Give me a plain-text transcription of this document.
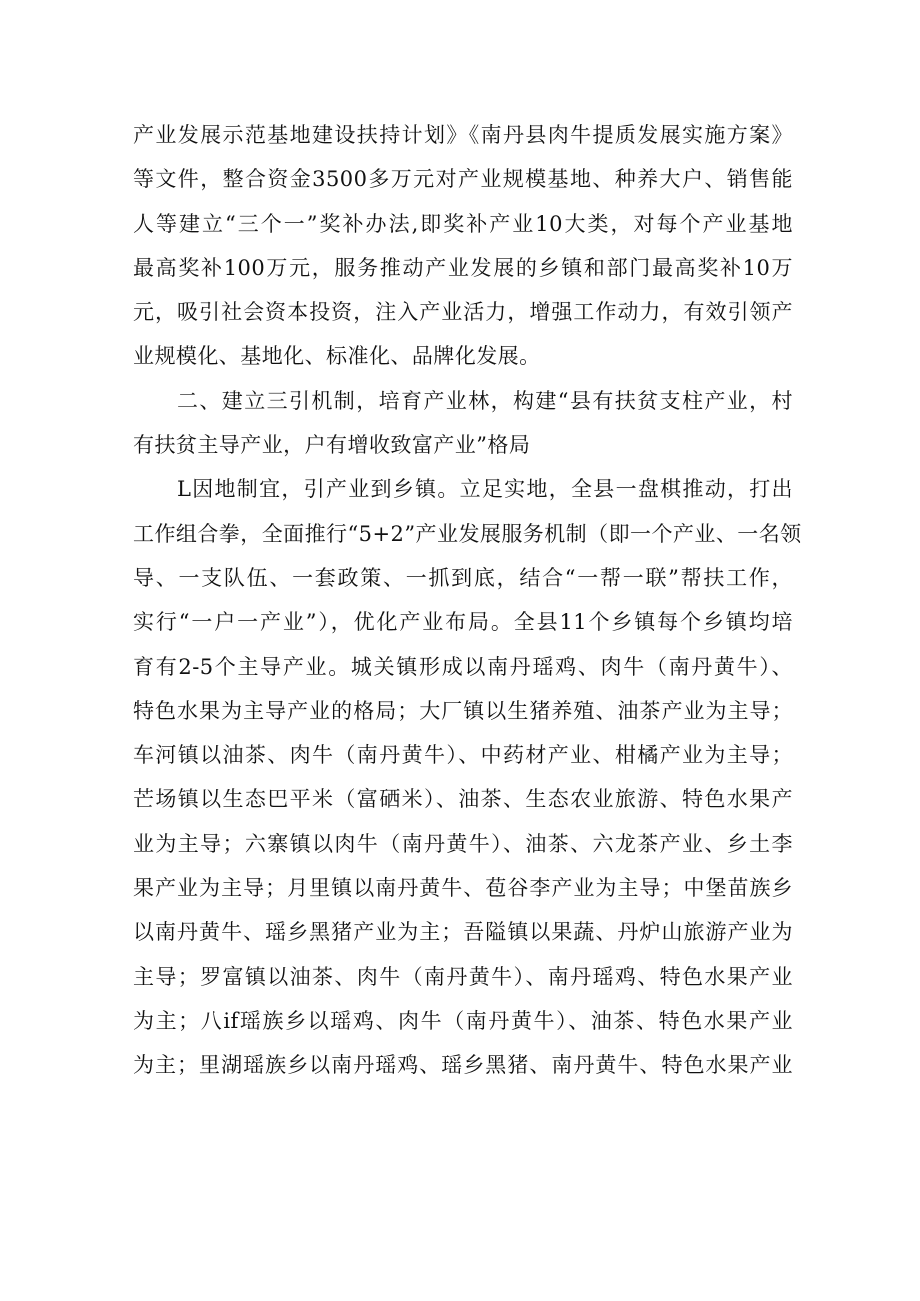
产业发展示范基地建设扶持计划》《南丹县肉牛提质发展实施方案》
等文件，整合资金3500多万元对产业规模基地、种养大户、销售能
人等建立“三个一”奖补办法,即奖补产业10大类，对每个产业基地
最高奖补100万元，服务推动产业发展的乡镇和部门最高奖补10万
元，吸引社会资本投资，注入产业活力，增强工作动力，有效引领产
业规模化、基地化、标准化、品牌化发展。
二、建立三引机制，培育产业林，构建“县有扶贫支柱产业，村
有扶贫主导产业，户有增收致富产业”格局
L因地制宜，引产业到乡镇。立足实地，全县一盘棋推动，打出
工作组合拳，全面推行“5+2”产业发展服务机制（即一个产业、一名领
导、一支队伍、一套政策、一抓到底，结合“一帮一联”帮扶工作，
实行“一户一产业”），优化产业布局。全县11个乡镇每个乡镇均培
育有2-5个主导产业。城关镇形成以南丹瑶鸡、肉牛（南丹黄牛）、
特色水果为主导产业的格局；大厂镇以生猪养殖、油茶产业为主导；
车河镇以油茶、肉牛（南丹黄牛）、中药材产业、柑橘产业为主导；
芒场镇以生态巴平米（富硒米）、油茶、生态农业旅游、特色水果产
业为主导；六寨镇以肉牛（南丹黄牛）、油茶、六龙茶产业、乡土李
果产业为主导；月里镇以南丹黄牛、苞谷李产业为主导；中堡苗族乡
以南丹黄牛、瑶乡黑猪产业为主；吾隘镇以果蔬、丹炉山旅游产业为
主导；罗富镇以油茶、肉牛（南丹黄牛）、南丹瑶鸡、特色水果产业
为主；八if瑶族乡以瑶鸡、肉牛（南丹黄牛）、油茶、特色水果产业
为主；里湖瑶族乡以南丹瑶鸡、瑶乡黑猪、南丹黄牛、特色水果产业
